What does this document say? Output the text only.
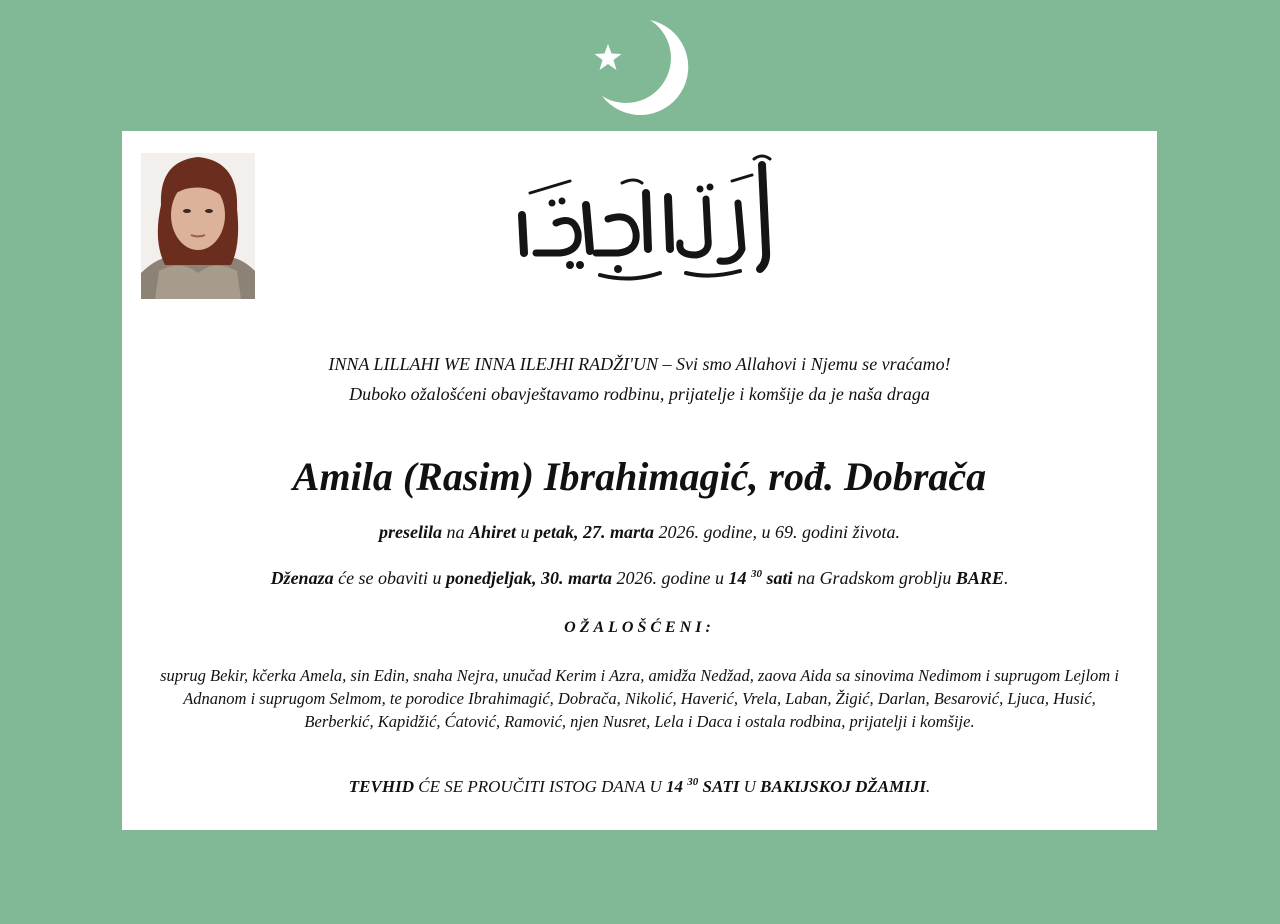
INNA LILLAHI WE INNA ILEJHI RADŽI'UN – Svi smo Allahovi i Njemu se vraćamo!
Duboko ožalošćeni obavještavamo rodbinu, prijatelje i komšije da je naša draga
Amila (Rasim) Ibrahimagić, rođ. Dobrača
preselila na Ahiret u petak, 27. marta 2026. godine, u 69. godini života.
Dženaza će se obaviti u ponedjeljak, 30. marta 2026. godine u 14 $^{30}$ sati na Gradskom groblju BARE.
OŽALOŠĆENI:
suprug Bekir, kčerka Amela, sin Edin, snaha Nejra, unučad Kerim i Azra, amidža Nedžad, zaova Aida sa sinovima Nedimom i suprugom Lejlom i Adnanom i suprugom Selmom, te porodice Ibrahimagić, Dobrača, Nikolić, Haverić, Vrela, Laban, Žigić, Darlan, Besarović, Ljuca, Husić, Berberkić, Kapidžić, Ćatović, Ramović, njen Nusret, Lela i Daca i ostala rodbina, prijatelji i komšije.
TEVHID ĆE SE PROUČITI ISTOG DANA U 14 $^{30}$ SATI U BAKIJSKOJ DŽAMIJI.
